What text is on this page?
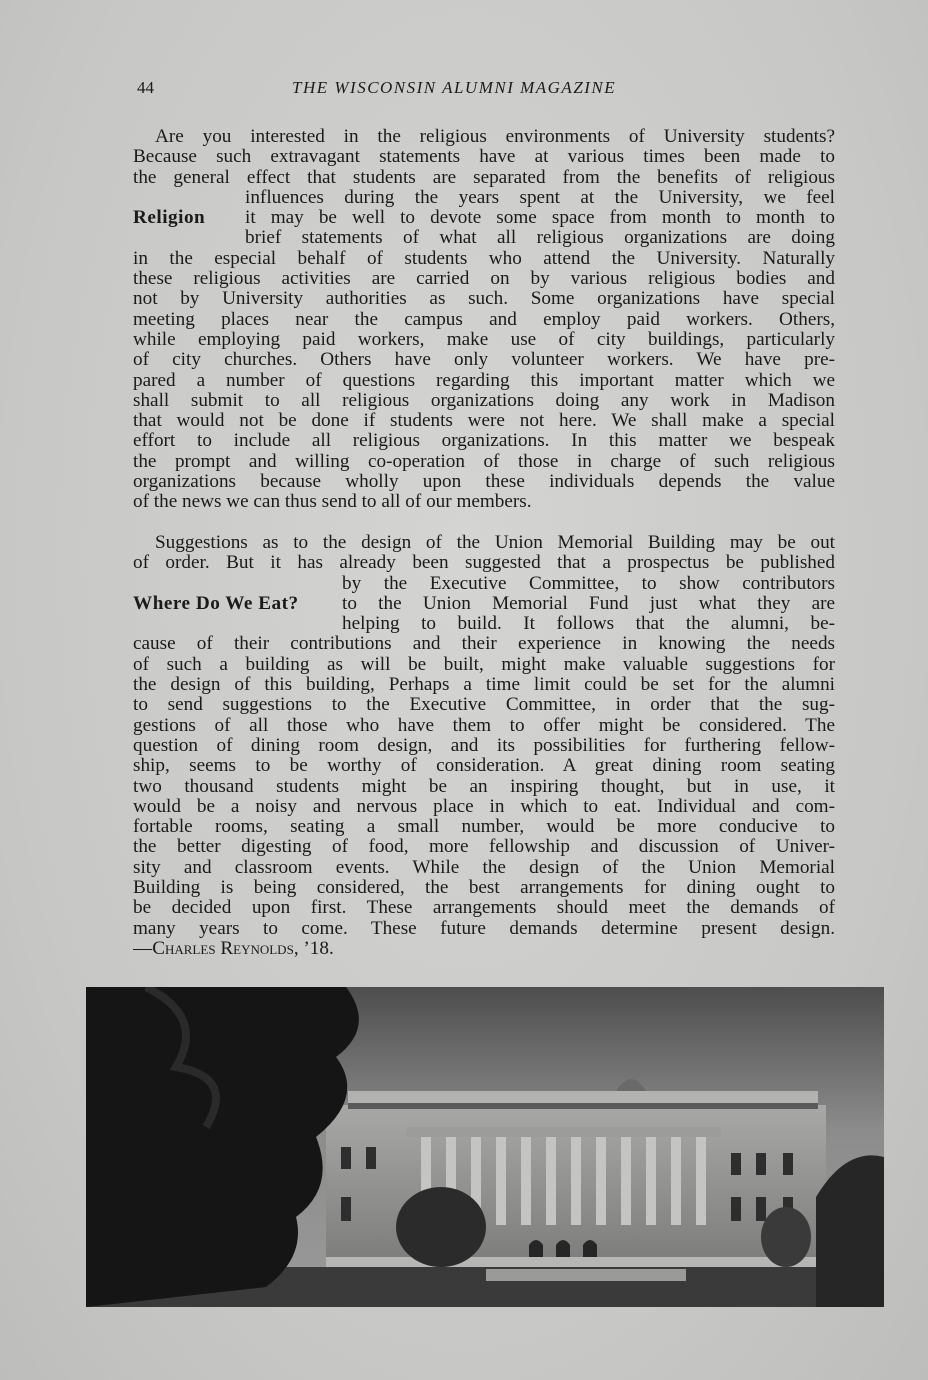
44	THE WISCONSIN ALUMNI MAGAZINE
Are you interested in the religious environments of University students?
Because such extravagant statements have at various times been made to
the general effect that students are separated from the benefits of religious
influences during the years spent at the University, we feel
Religion it may be well to devote some space from month to month to
brief statements of what all religious organizations are doing
in the especial behalf of students who attend the University. Naturally
these religious activities are carried on by various religious bodies and
not by University authorities as such. Some organizations have special
meeting places near the campus and employ paid workers. Others,
while employing paid workers, make use of city buildings, particularly
of city churches. Others have only volunteer workers. We have pre-
pared a number of questions regarding this important matter which we
shall submit to all religious organizations doing any work in Madison
that would not be done if students were not here. We shall make a special
effort to include all religious organizations. In this matter we bespeak
the prompt and willing co-operation of those in charge of such religious
organizations because wholly upon these individuals depends the value
of the news we can thus send to all of our members.
Suggestions as to the design of the Union Memorial Building may be out
of order. But it has already been suggested that a prospectus be published
by the Executive Committee, to show contributors
Where Do We Eat? to the Union Memorial Fund just what they are
helping to build. It follows that the alumni, be-
cause of their contributions and their experience in knowing the needs
of such a building as will be built, might make valuable suggestions for
the design of this building, Perhaps a time limit could be set for the alumni
to send suggestions to the Executive Committee, in order that the sug-
gestions of all those who have them to offer might be considered. The
question of dining room design, and its possibilities for furthering fellow-
ship, seems to be worthy of consideration. A great dining room seating
two thousand students might be an inspiring thought, but in use, it
would be a noisy and nervous place in which to eat. Individual and com-
fortable rooms, seating a small number, would be more conducive to
the better digesting of food, more fellowship and discussion of Univer-
sity and classroom events. While the design of the Union Memorial
Building is being considered, the best arrangements for dining ought to
be decided upon first. These arrangements should meet the demands of
many years to come. These future demands determine present design.
—Charles Reynolds, ’18.
